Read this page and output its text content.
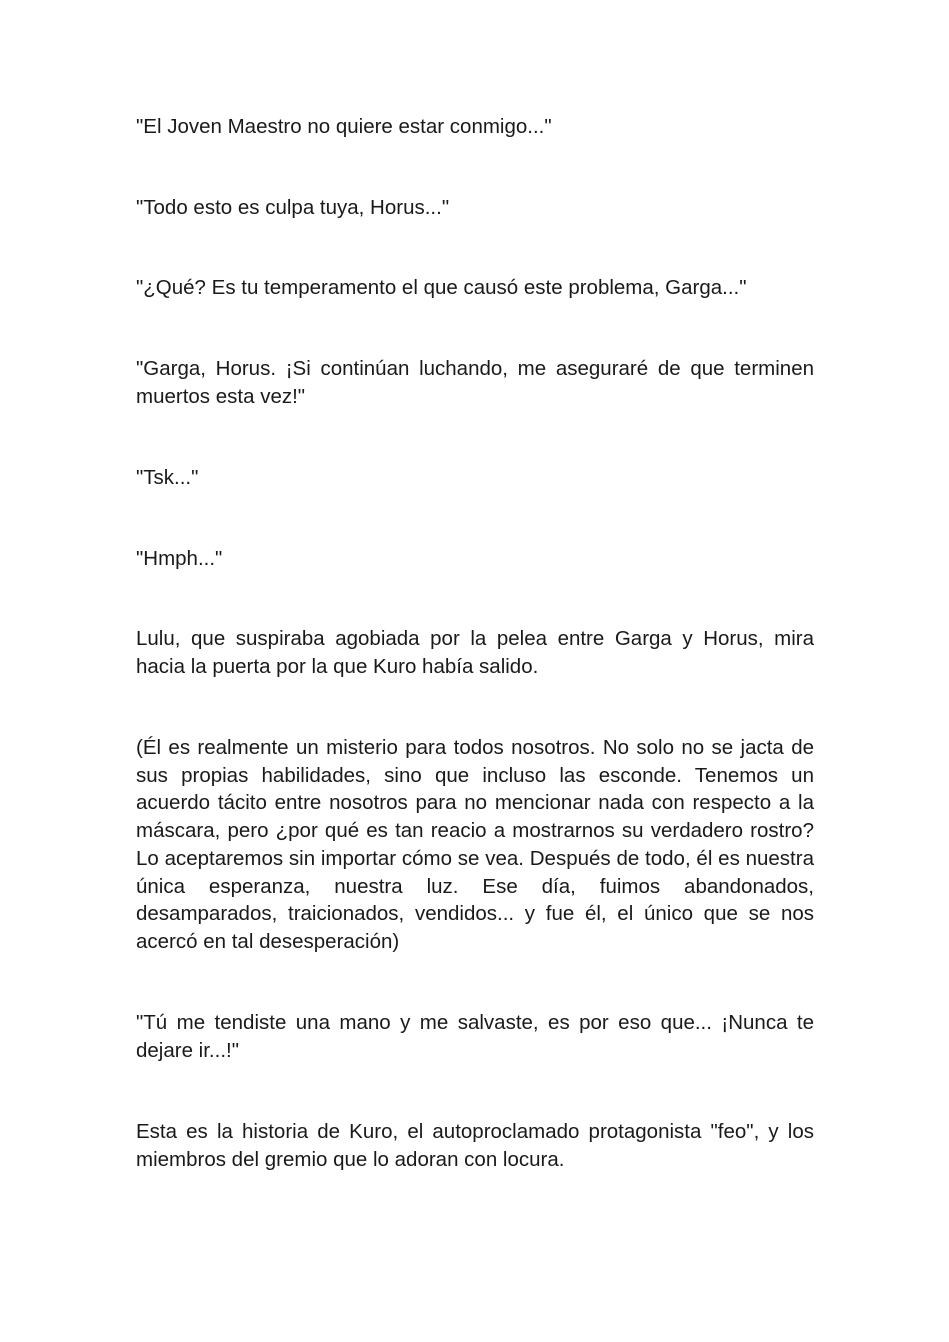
"El Joven Maestro no quiere estar conmigo..."

"Todo esto es culpa tuya, Horus..."

"¿Qué? Es tu temperamento el que causó este problema, Garga..."

"Garga, Horus. ¡Si continúan luchando, me aseguraré de que terminen muertos esta vez!"

"Tsk..."

"Hmph..."

Lulu, que suspiraba agobiada por la pelea entre Garga y Horus, mira hacia la puerta por la que Kuro había salido.

(Él es realmente un misterio para todos nosotros. No solo no se jacta de sus propias habilidades, sino que incluso las esconde. Tenemos un acuerdo tácito entre nosotros para no mencionar nada con respecto a la máscara, pero ¿por qué es tan reacio a mostrarnos su verdadero rostro? Lo aceptaremos sin importar cómo se vea. Después de todo, él es nuestra única esperanza, nuestra luz. Ese día, fuimos abandonados, desamparados, traicionados, vendidos... y fue él, el único que se nos acercó en tal desesperación)

"Tú me tendiste una mano y me salvaste, es por eso que... ¡Nunca te dejare ir...!"

Esta es la historia de Kuro, el autoproclamado protagonista "feo", y los miembros del gremio que lo adoran con locura.
